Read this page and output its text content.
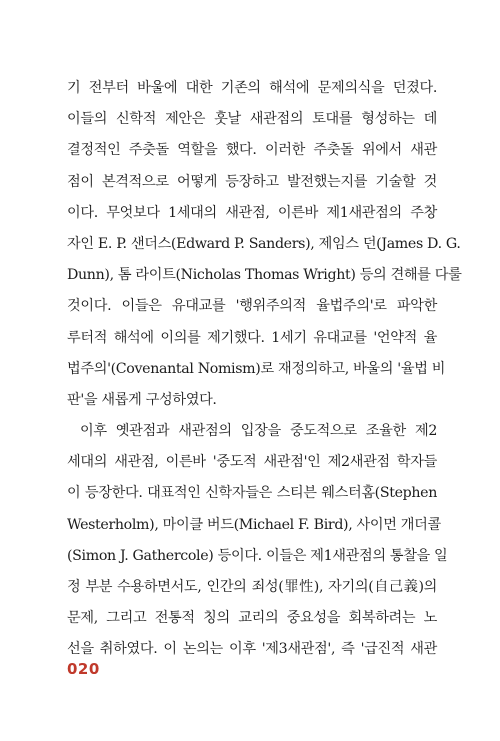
기 전부터 바울에 대한 기존의 해석에 문제의식을 던졌다.
이들의 신학적 제안은 훗날 새관점의 토대를 형성하는 데
결정적인 주춧돌 역할을 했다. 이러한 주춧돌 위에서 새관
점이 본격적으로 어떻게 등장하고 발전했는지를 기술할 것
이다. 무엇보다 1세대의 새관점, 이른바 제1새관점의 주창
자인 E. P. 샌더스(Edward P. Sanders), 제임스 던(James D. G.
Dunn), 톰 라이트(Nicholas Thomas Wright) 등의 견해를 다룰
것이다. 이들은 유대교를 '행위주의적 율법주의'로 파악한
루터적 해석에 이의를 제기했다. 1세기 유대교를 '언약적 율
법주의'(Covenantal Nomism)로 재정의하고, 바울의 '율법 비
판'을 새롭게 구성하였다.
이후 옛관점과 새관점의 입장을 중도적으로 조율한 제2
세대의 새관점, 이른바 '중도적 새관점'인 제2새관점 학자들
이 등장한다. 대표적인 신학자들은 스티븐 웨스터홈(Stephen
Westerholm), 마이클 버드(Michael F. Bird), 사이먼 개더콜
(Simon J. Gathercole) 등이다. 이들은 제1새관점의 통찰을 일
정 부분 수용하면서도, 인간의 죄성(罪性), 자기의(自己義)의
문제, 그리고 전통적 칭의 교리의 중요성을 회복하려는 노
선을 취하였다. 이 논의는 이후 '제3새관점', 즉 '급진적 새관
020
